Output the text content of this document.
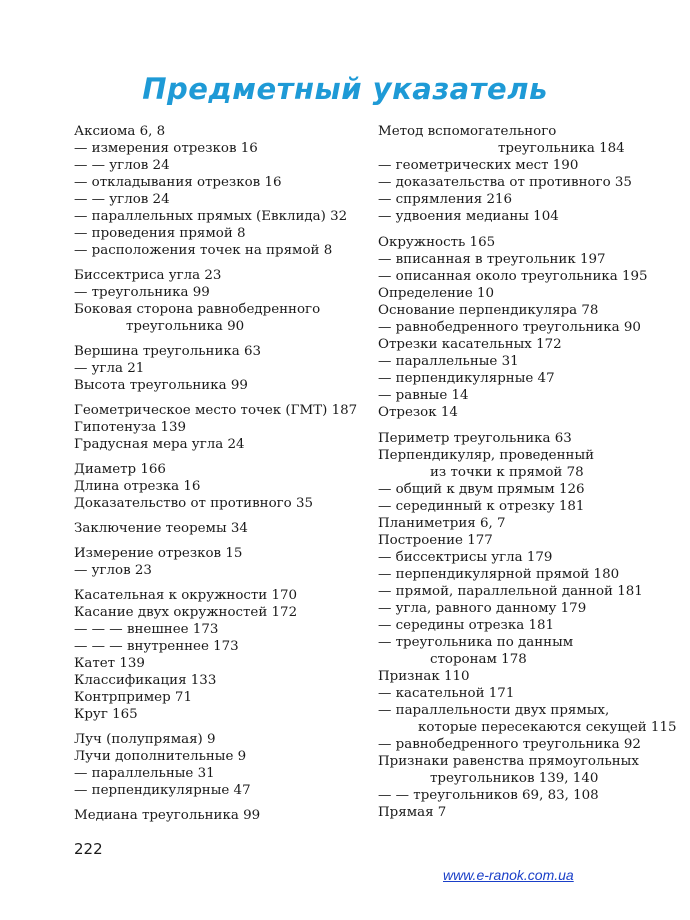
Предметный указатель
Аксиома 6, 8
— измерения отрезков 16
— — углов 24
— откладывания отрезков 16
— — углов 24
— параллельных прямых (Евклида) 32
— проведения прямой 8
— расположения точек на прямой 8
Биссектриса угла 23
— треугольника 99
Боковая сторона равнобедренного
треугольника 90
Вершина треугольника 63
— угла 21
Высота треугольника 99
Геометрическое место точек (ГМТ) 187
Гипотенуза 139
Градусная мера угла 24
Диаметр 166
Длина отрезка 16
Доказательство от противного 35
Заключение теоремы 34
Измерение отрезков 15
— углов 23
Касательная к окружности 170
Касание двух окружностей 172
— — — внешнее 173
— — — внутреннее 173
Катет 139
Классификация 133
Контрпример 71
Круг 165
Луч (полупрямая) 9
Лучи дополнительные 9
— параллельные 31
— перпендикулярные 47
Медиана треугольника 99
Метод вспомогательного
треугольника 184
— геометрических мест 190
— доказательства от противного 35
— спрямления 216
— удвоения медианы 104
Окружность 165
— вписанная в треугольник 197
— описанная около треугольника 195
Определение 10
Основание перпендикуляра 78
— равнобедренного треугольника 90
Отрезки касательных 172
— параллельные 31
— перпендикулярные 47
— равные 14
Отрезок 14
Периметр треугольника 63
Перпендикуляр, проведенный
из точки к прямой 78
— общий к двум прямым 126
— серединный к отрезку 181
Планиметрия 6, 7
Построение 177
— биссектрисы угла 179
— перпендикулярной прямой 180
— прямой, параллельной данной 181
— угла, равного данному 179
— середины отрезка 181
— треугольника по данным
сторонам 178
Признак 110
— касательной 171
— параллельности двух прямых,
которые пересекаются секущей 115
— равнобедренного треугольника 92
Признаки равенства прямоугольных
треугольников 139, 140
— — треугольников 69, 83, 108
Прямая 7
222
www.e-ranok.com.ua
